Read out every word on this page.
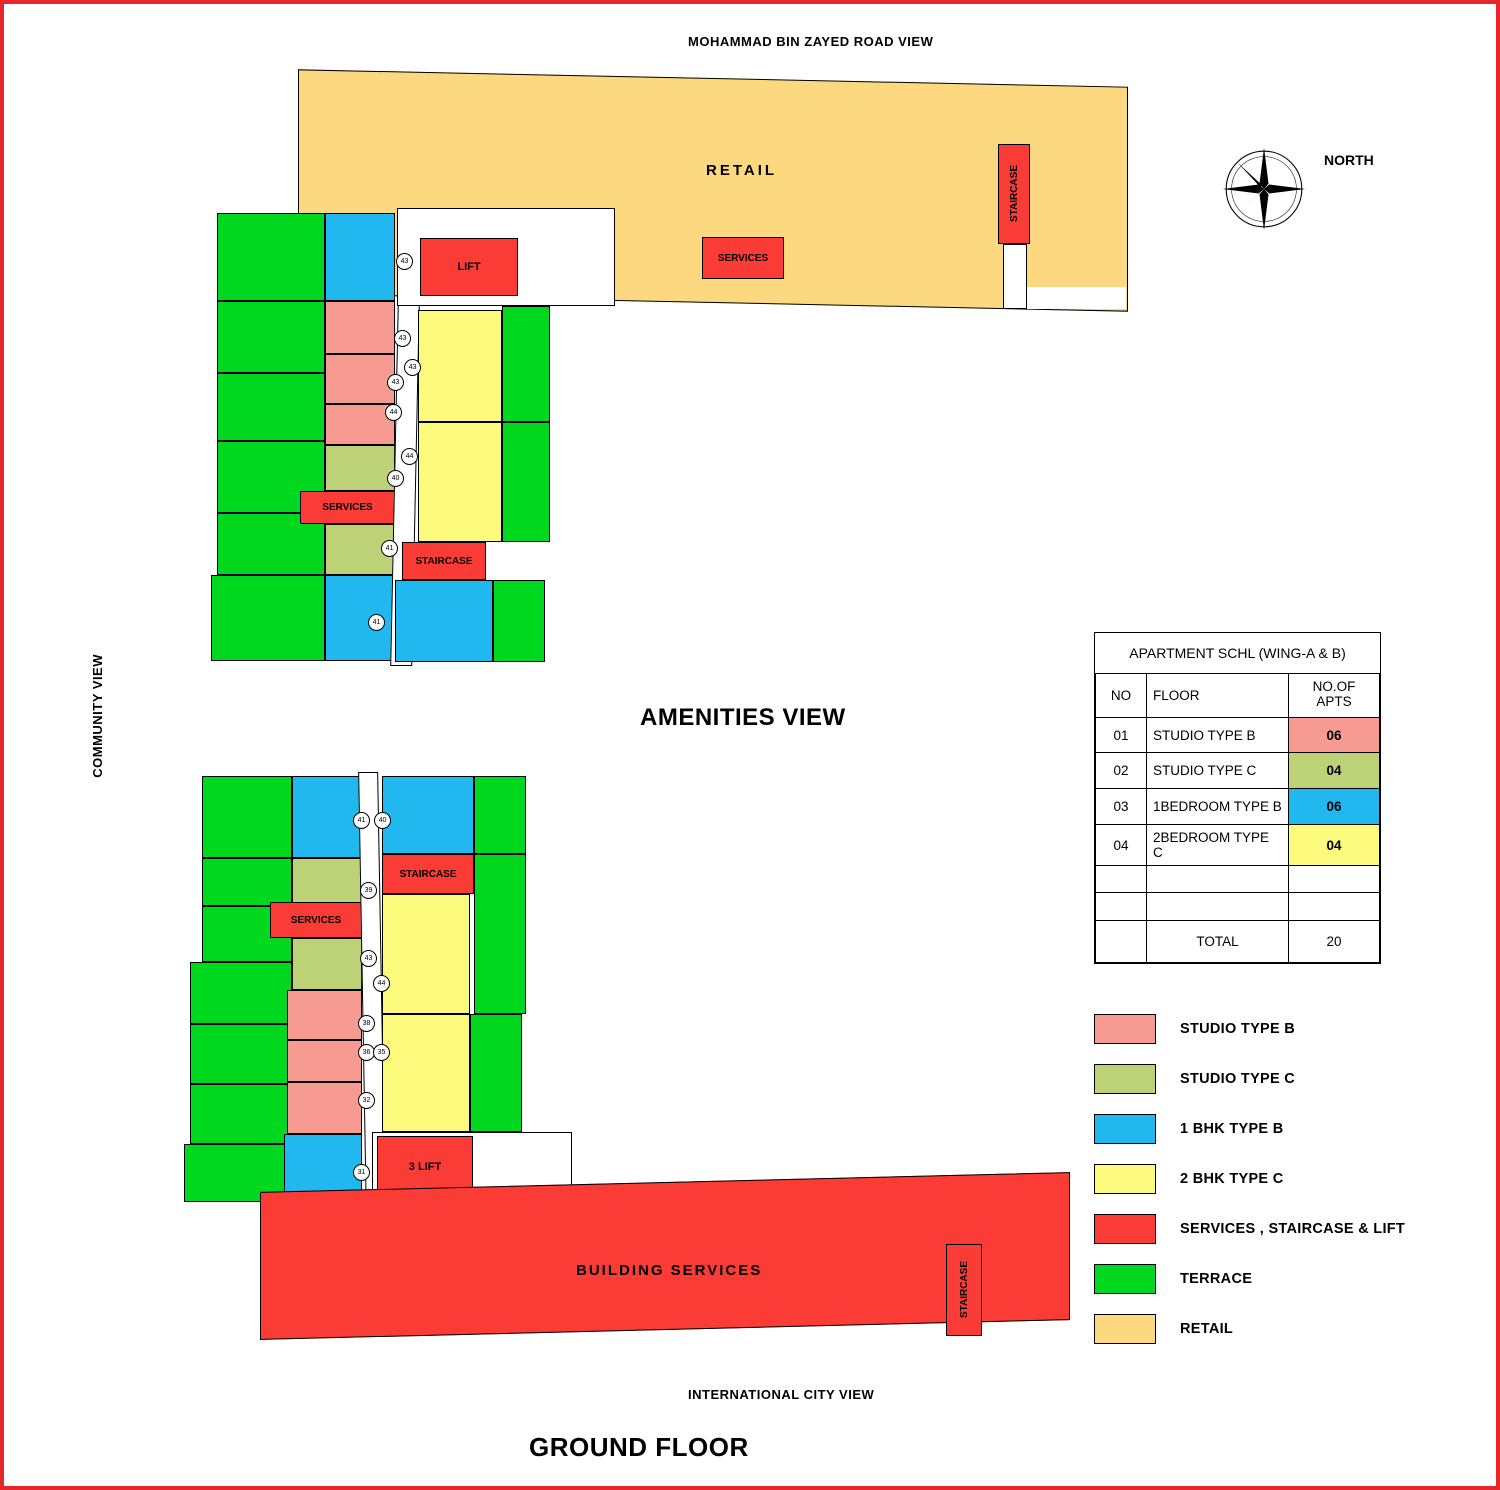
MOHAMMAD BIN ZAYED ROAD VIEW
COMMUNITY VIEW
INTERNATIONAL CITY VIEW
AMENITIES VIEW
GROUND FLOOR
NORTH
RETAIL
SERVICES
STAIRCASE
SERVICES
LIFT
STAIRCASE
43
43
43
43
44
44
40
41
41
SERVICES
STAIRCASE
3 LIFT
41	40
39
43
44
38
36	35
32
31
BUILDING SERVICES	STAIRCASE
APARTMENT SCHL (WING-A & B)		
NO	FLOOR	NO.OF
APTS
01	STUDIO TYPE B	06
02	STUDIO TYPE C	04
03	1BEDROOM TYPE B	06
04	2BEDROOM TYPE C	04

	TOTAL	20
STUDIO TYPE B
STUDIO TYPE C
1 BHK TYPE B
2 BHK TYPE C
SERVICES , STAIRCASE & LIFT
TERRACE
RETAIL
